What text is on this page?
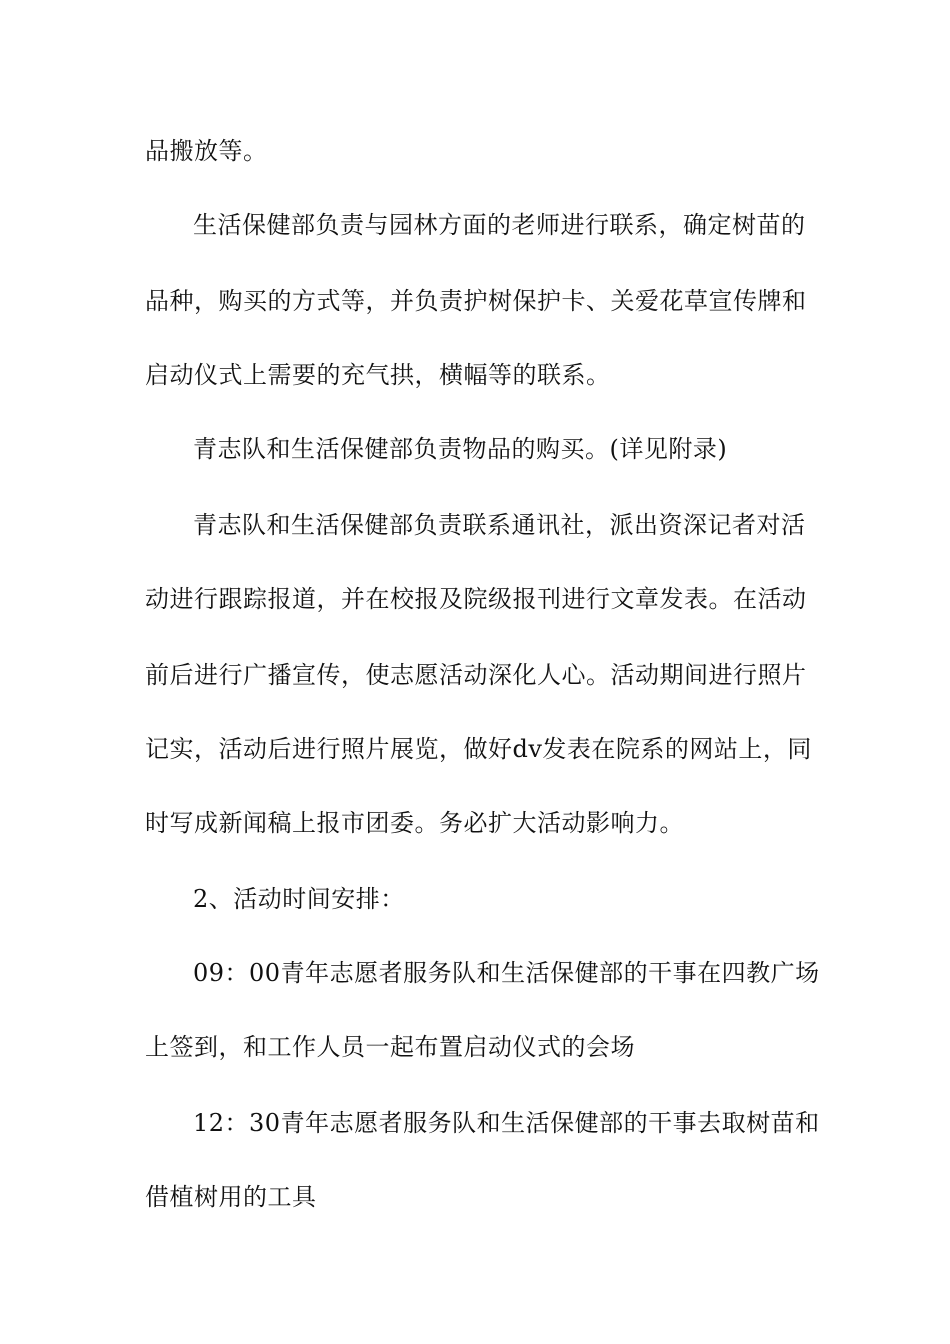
品搬放等。
生活保健部负责与园林方面的老师进行联系，确定树苗的
品种，购买的方式等，并负责护树保护卡、关爱花草宣传牌和
启动仪式上需要的充气拱，横幅等的联系。
青志队和生活保健部负责物品的购买。(详见附录)
青志队和生活保健部负责联系通讯社，派出资深记者对活
动进行跟踪报道，并在校报及院级报刊进行文章发表。在活动
前后进行广播宣传，使志愿活动深化人心。活动期间进行照片
记实，活动后进行照片展览，做好dv发表在院系的网站上，同
时写成新闻稿上报市团委。务必扩大活动影响力。
2、活动时间安排：
09：00青年志愿者服务队和生活保健部的干事在四教广场
上签到，和工作人员一起布置启动仪式的会场
12：30青年志愿者服务队和生活保健部的干事去取树苗和
借植树用的工具
